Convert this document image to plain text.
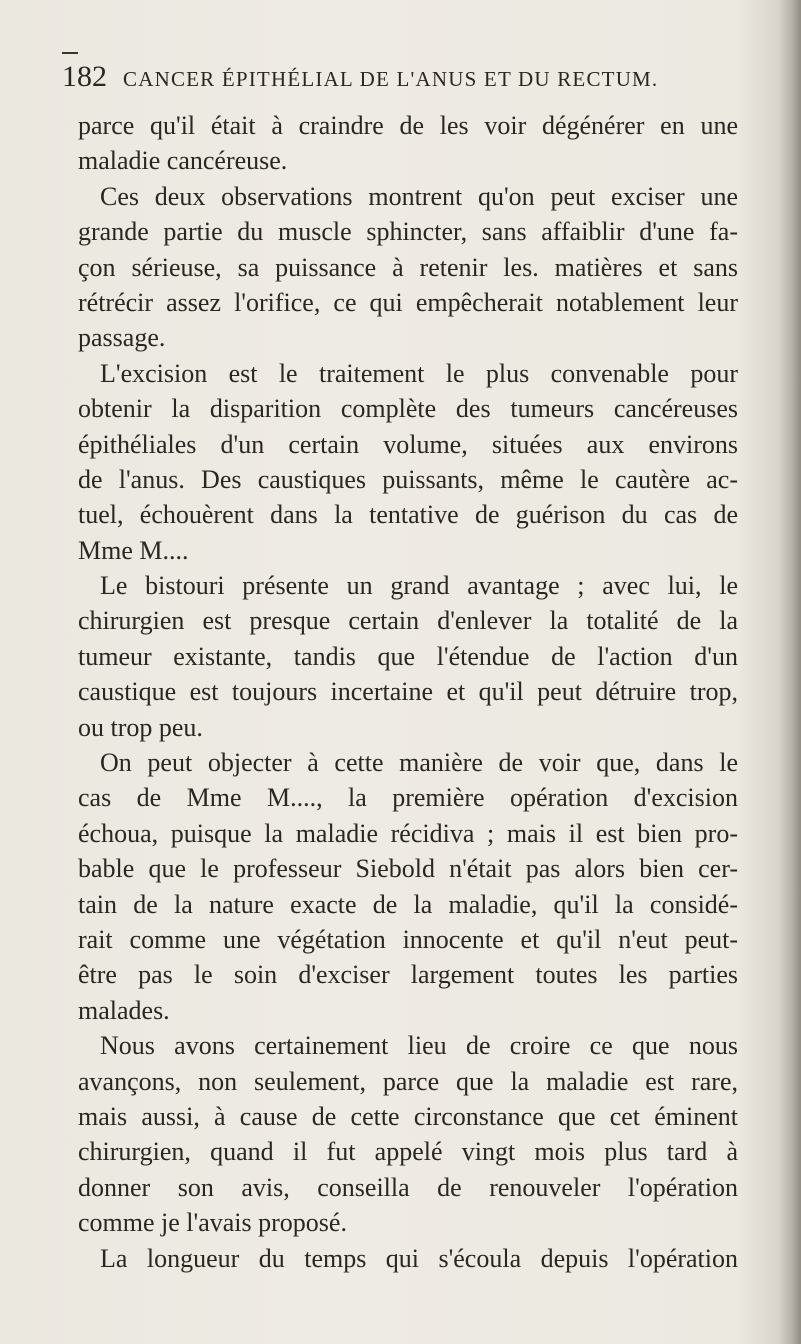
182 CANCER ÉPITHÉLIAL DE L'ANUS ET DU RECTUM.
parce qu'il était à craindre de les voir dégénérer en une
maladie cancéreuse.
Ces deux observations montrent qu'on peut exciser une
grande partie du muscle sphincter, sans affaiblir d'une fa-
çon sérieuse, sa puissance à retenir les. matières et sans
rétrécir assez l'orifice, ce qui empêcherait notablement leur
passage.
L'excision est le traitement le plus convenable pour
obtenir la disparition complète des tumeurs cancéreuses
épithéliales d'un certain volume, situées aux environs
de l'anus. Des caustiques puissants, même le cautère ac-
tuel, échouèrent dans la tentative de guérison du cas de
Mme M....
Le bistouri présente un grand avantage ; avec lui, le
chirurgien est presque certain d'enlever la totalité de la
tumeur existante, tandis que l'étendue de l'action d'un
caustique est toujours incertaine et qu'il peut détruire trop,
ou trop peu.
On peut objecter à cette manière de voir que, dans le
cas de Mme M...., la première opération d'excision
échoua, puisque la maladie récidiva ; mais il est bien pro-
bable que le professeur Siebold n'était pas alors bien cer-
tain de la nature exacte de la maladie, qu'il la considé-
rait comme une végétation innocente et qu'il n'eut peut-
être pas le soin d'exciser largement toutes les parties
malades.
Nous avons certainement lieu de croire ce que nous
avançons, non seulement, parce que la maladie est rare,
mais aussi, à cause de cette circonstance que cet éminent
chirurgien, quand il fut appelé vingt mois plus tard à
donner son avis, conseilla de renouveler l'opération
comme je l'avais proposé.
La longueur du temps qui s'écoula depuis l'opération
